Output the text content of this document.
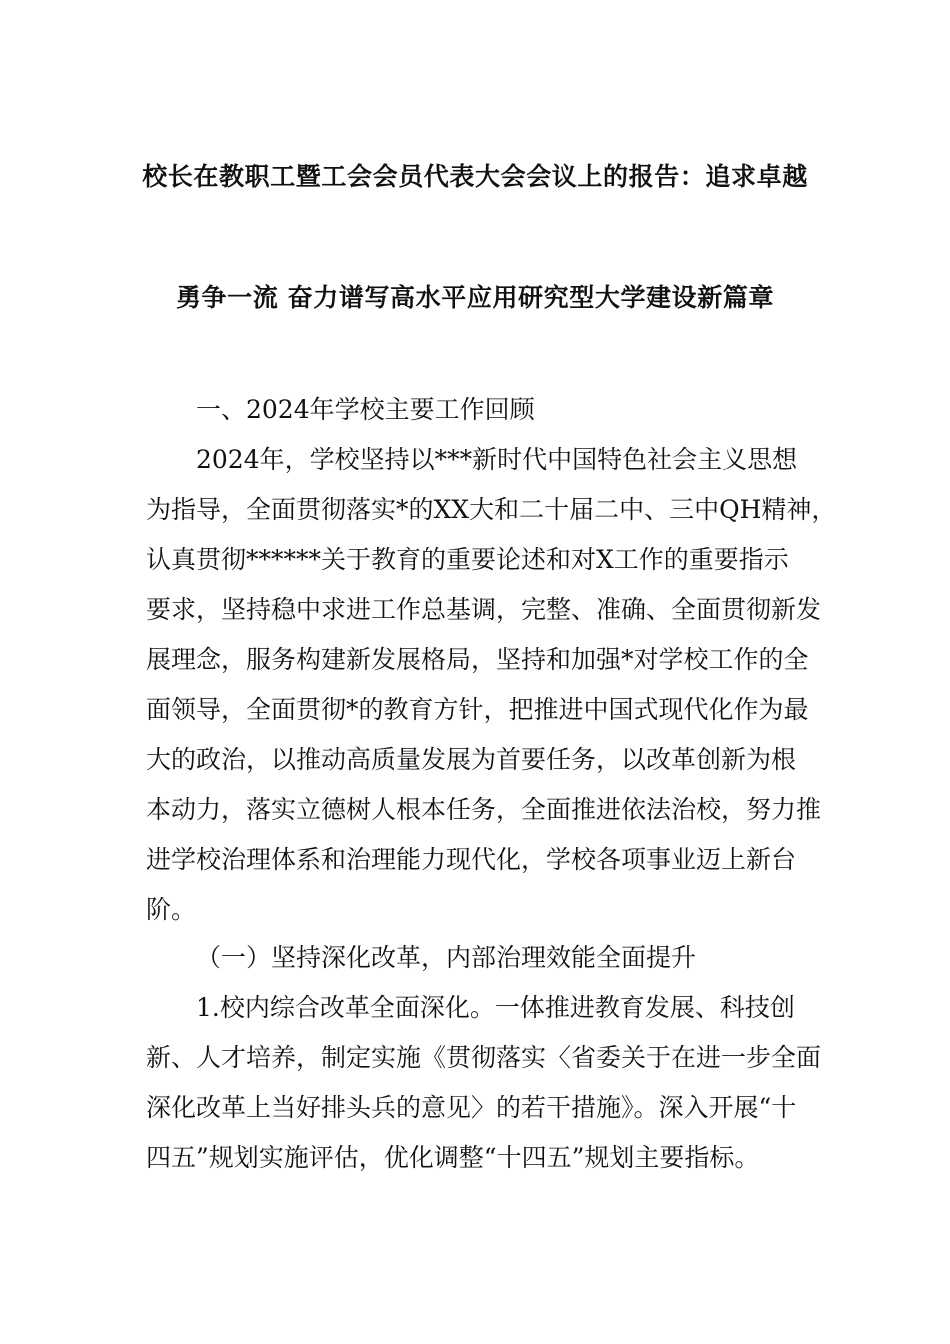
校长在教职工暨工会会员代表大会会议上的报告：追求卓越
勇争一流 奋力谱写高水平应用研究型大学建设新篇章
一、2024年学校主要工作回顾
2024年，学校坚持以***新时代中国特色社会主义思想
为指导，全面贯彻落实*的XX大和二十届二中、三中QH精神，
认真贯彻******关于教育的重要论述和对X工作的重要指示
要求，坚持稳中求进工作总基调，完整、准确、全面贯彻新发
展理念，服务构建新发展格局，坚持和加强*对学校工作的全
面领导，全面贯彻*的教育方针，把推进中国式现代化作为最
大的政治，以推动高质量发展为首要任务，以改革创新为根
本动力，落实立德树人根本任务，全面推进依法治校，努力推
进学校治理体系和治理能力现代化，学校各项事业迈上新台
阶。
（一）坚持深化改革，内部治理效能全面提升
1.校内综合改革全面深化。一体推进教育发展、科技创
新、人才培养，制定实施《贯彻落实〈省委关于在进一步全面
深化改革上当好排头兵的意见〉的若干措施》。深入开展“十
四五”规划实施评估，优化调整“十四五”规划主要指标。
